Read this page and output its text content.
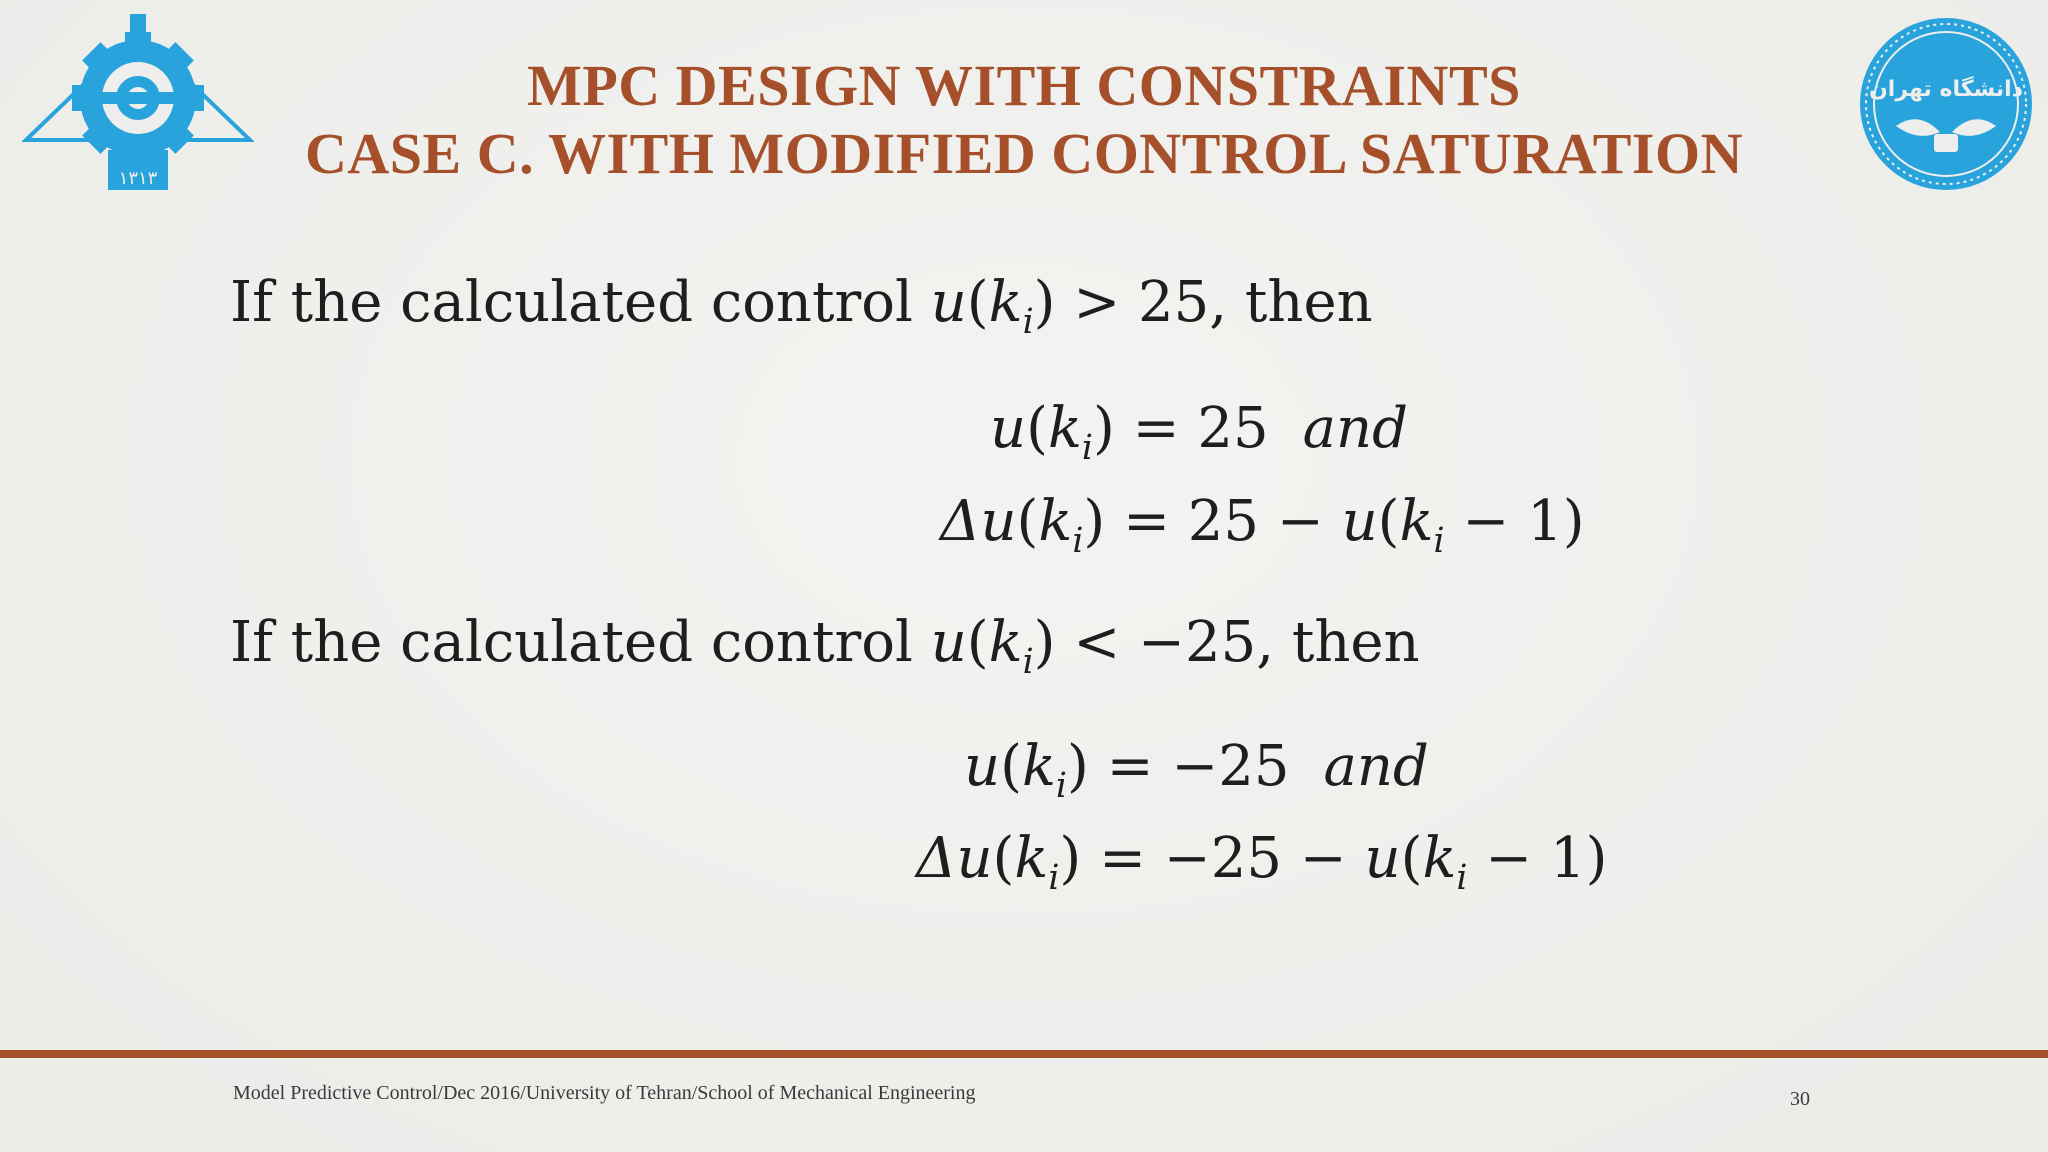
۱۳۱۳
دانشگاه تهران
MPC DESIGN WITH CONSTRAINTS
CASE C. WITH MODIFIED CONTROL SATURATION
If the calculated control $u(k_i) > 25$, then
$u(k_i) = 25$ and
$\Delta u(k_i) = 25 - u(k_i - 1)$
If the calculated control $u(k_i) < -25$, then
$u(k_i) = -25$ and
$\Delta u(k_i) = -25 - u(k_i - 1)$
Model Predictive Control/Dec 2016/University of Tehran/School of Mechanical Engineering	30
